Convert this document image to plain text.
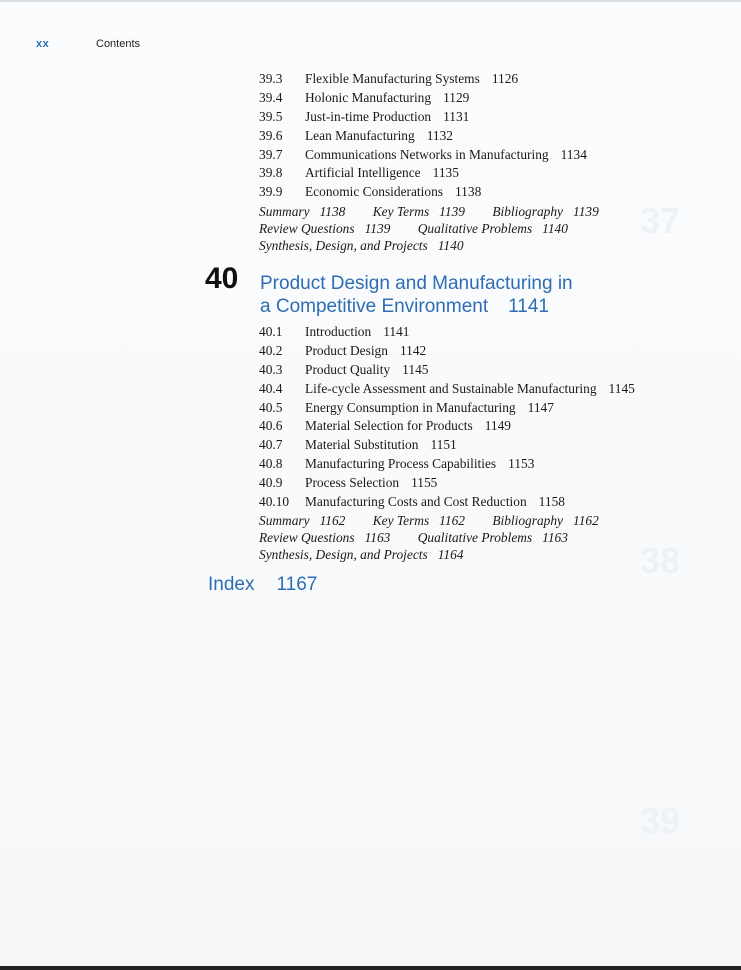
37
38
39
xx	Contents
39.3 Flexible Manufacturing Systems 1126
39.4 Holonic Manufacturing 1129
39.5 Just-in-time Production 1131
39.6 Lean Manufacturing 1132
39.7 Communications Networks in Manufacturing 1134
39.8 Artificial Intelligence 1135
39.9 Economic Considerations 1138
Summary 1138 Key Terms 1139 Bibliography 1139
Review Questions 1139 Qualitative Problems 1140
Synthesis, Design, and Projects 1140
40 Product Design and Manufacturing in
a Competitive Environment 1141
40.1 Introduction 1141
40.2 Product Design 1142
40.3 Product Quality 1145
40.4 Life-cycle Assessment and Sustainable Manufacturing 1145
40.5 Energy Consumption in Manufacturing 1147
40.6 Material Selection for Products 1149
40.7 Material Substitution 1151
40.8 Manufacturing Process Capabilities 1153
40.9 Process Selection 1155
40.10 Manufacturing Costs and Cost Reduction 1158
Summary 1162 Key Terms 1162 Bibliography 1162
Review Questions 1163 Qualitative Problems 1163
Synthesis, Design, and Projects 1164
Index 1167
